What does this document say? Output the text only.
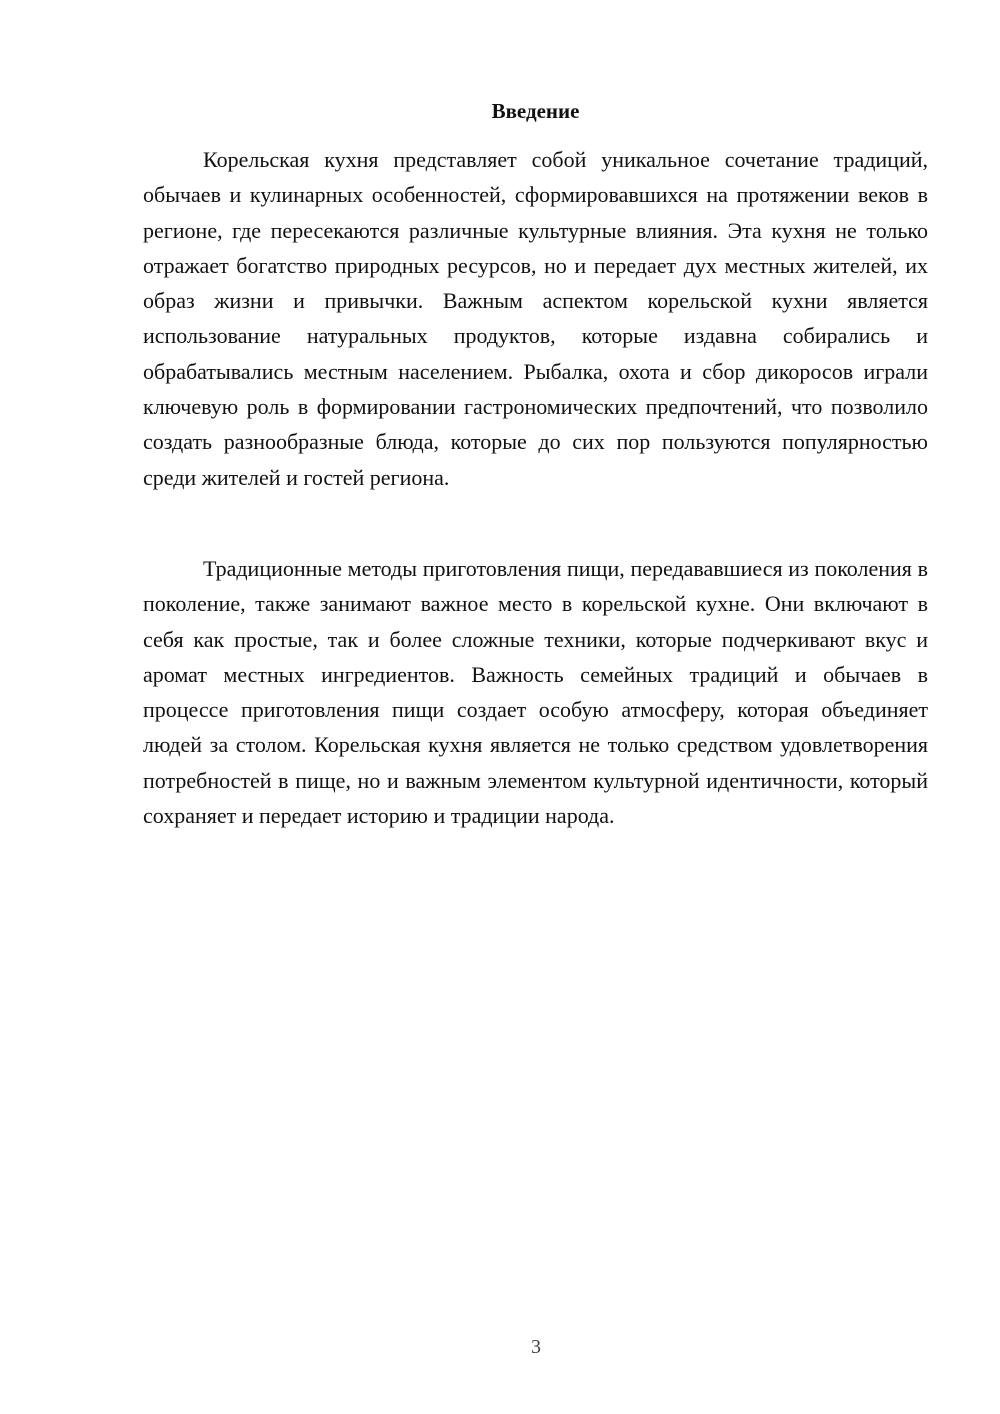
Введение

Корельская кухня представляет собой уникальное сочетание традиций, обычаев и кулинарных особенностей, сформировавшихся на протяжении веков в регионе, где пересекаются различные культурные влияния. Эта кухня не только отражает богатство природных ресурсов, но и передает дух местных жителей, их образ жизни и привычки. Важным аспектом корельской кухни является использование натуральных продуктов, которые издавна собирались и обрабатывались местным населением. Рыбалка, охота и сбор дикоросов играли ключевую роль в формировании гастрономических предпочтений, что позволило создать разнообразные блюда, которые до сих пор пользуются популярностью среди жителей и гостей региона.

Традиционные методы приготовления пищи, передававшиеся из поколения в поколение, также занимают важное место в корельской кухне. Они включают в себя как простые, так и более сложные техники, которые подчеркивают вкус и аромат местных ингредиентов. Важность семейных традиций и обычаев в процессе приготовления пищи создает особую атмосферу, которая объединяет людей за столом. Корельская кухня является не только средством удовлетворения потребностей в пище, но и важным элементом культурной идентичности, который сохраняет и передает историю и традиции народа.

3
